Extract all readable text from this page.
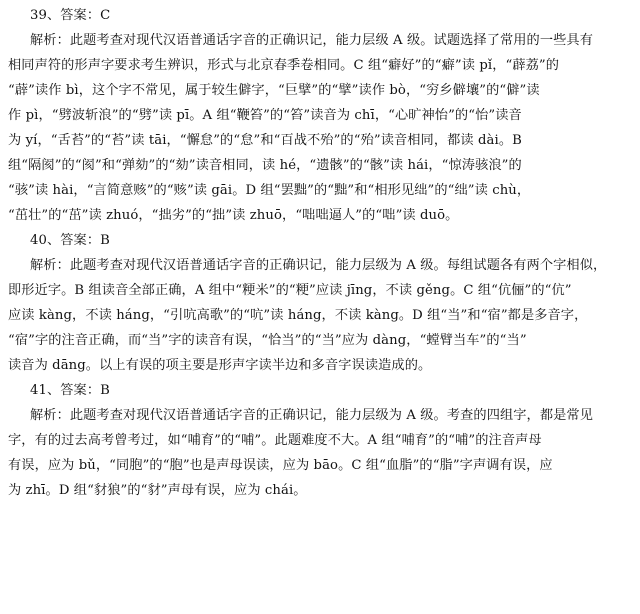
39、答案：C
解析：此题考查对现代汉语普通话字音的正确识记，能力层级 A 级。试题选择了常用的一些具有
相同声符的形声字要求考生辨识，形式与北京春季卷相同。C 组“癖好”的“癖”读 pǐ，“薜荔”的
“薜”读作 bì，这个字不常见，属于较生僻字，“巨擘”的“擘”读作 bò，“穷乡僻壤”的“僻”读
作 pì，“劈波斩浪”的“劈”读 pī。A 组“鞭笞”的“笞”读音为 chī，“心旷神怡”的“怡”读音
为 yí，“舌苔”的“苔”读 tāi，“懈怠”的“怠”和“百战不殆”的“殆”读音相同，都读 dài。B
组“隔阂”的“阂”和“弹劾”的“劾”读音相同，读 hé，“遗骸”的“骸”读 hái，“惊涛骇浪”的
“骇”读 hài，“言简意赅”的“赅”读 gāi。D 组“罢黜”的“黜”和“相形见绌”的“绌”读 chù，
“茁壮”的“茁”读 zhuó，“拙劣”的“拙”读 zhuō，“咄咄逼人”的“咄”读 duō。
40、答案：B
解析：此题考查对现代汉语普通话字音的正确识记，能力层级为 A 级。每组试题各有两个字相似，
即形近字。B 组读音全部正确，A 组中“粳米”的“粳”应读 jīng，不读 gěng。C 组“伉俪”的“伉”
应读 kàng，不读 háng，“引吭高歌”的“吭”读 háng，不读 kàng。D 组“当”和“宿”都是多音字，
“宿”字的注音正确，而“当”字的读音有误，“恰当”的“当”应为 dàng，“螳臂当车”的“当”
读音为 dāng。以上有误的项主要是形声字读半边和多音字误读造成的。
41、答案：B
解析：此题考查对现代汉语普通话字音的正确识记，能力层级为 A 级。考查的四组字，都是常见
字，有的过去高考曾考过，如“哺育”的“哺”。此题难度不大。A 组“哺育”的“哺”的注音声母
有误，应为 bǔ，“同胞”的“胞”也是声母误读，应为 bāo。C 组“血脂”的“脂”字声调有误，应
为 zhī。D 组“豺狼”的“豺”声母有误，应为 chái。
